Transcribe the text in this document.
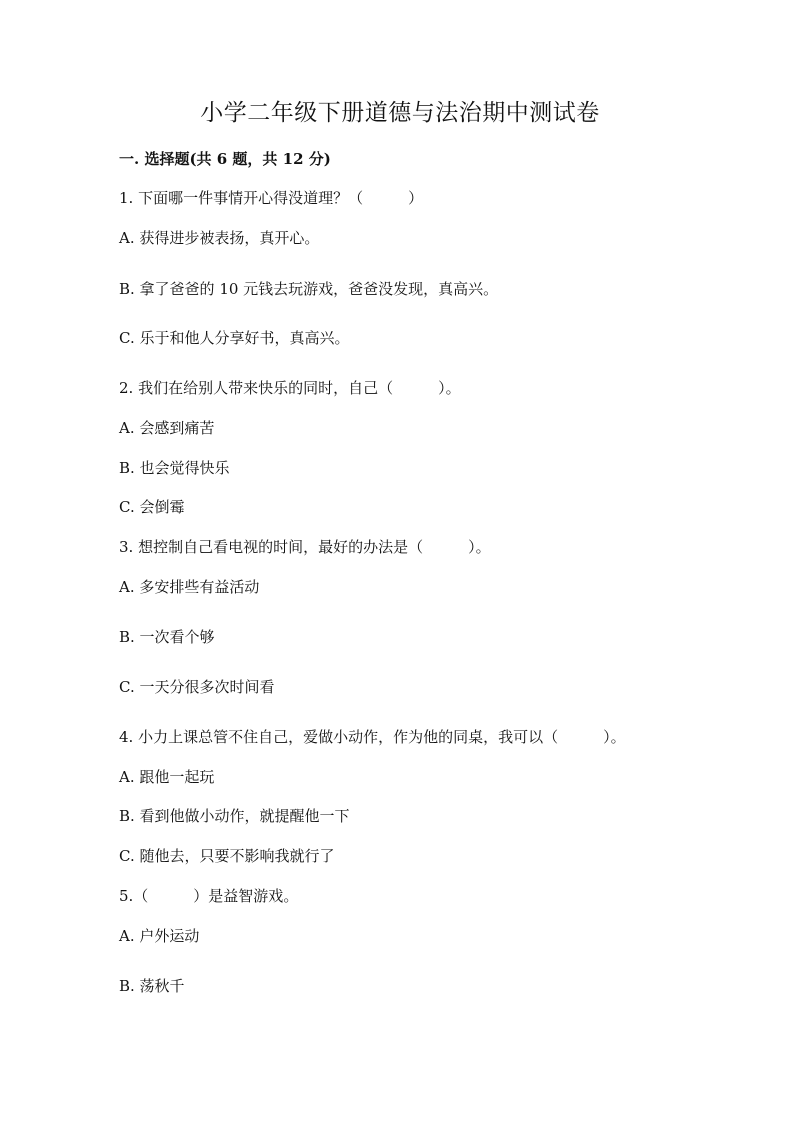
小学二年级下册道德与法治期中测试卷

一. 选择题(共 6 题，共 12 分)

1. 下面哪一件事情开心得没道理？（　　　）

A. 获得进步被表扬，真开心。

B. 拿了爸爸的 10 元钱去玩游戏，爸爸没发现，真高兴。

C. 乐于和他人分享好书，真高兴。

2. 我们在给别人带来快乐的同时，自己（　　　）。

A. 会感到痛苦

B. 也会觉得快乐

C. 会倒霉

3. 想控制自己看电视的时间，最好的办法是（　　　）。

A. 多安排些有益活动

B. 一次看个够

C. 一天分很多次时间看

4. 小力上课总管不住自己，爱做小动作，作为他的同桌，我可以（　　　）。

A. 跟他一起玩

B. 看到他做小动作，就提醒他一下

C. 随他去，只要不影响我就行了

5.（　　　）是益智游戏。

A. 户外运动

B. 荡秋千
